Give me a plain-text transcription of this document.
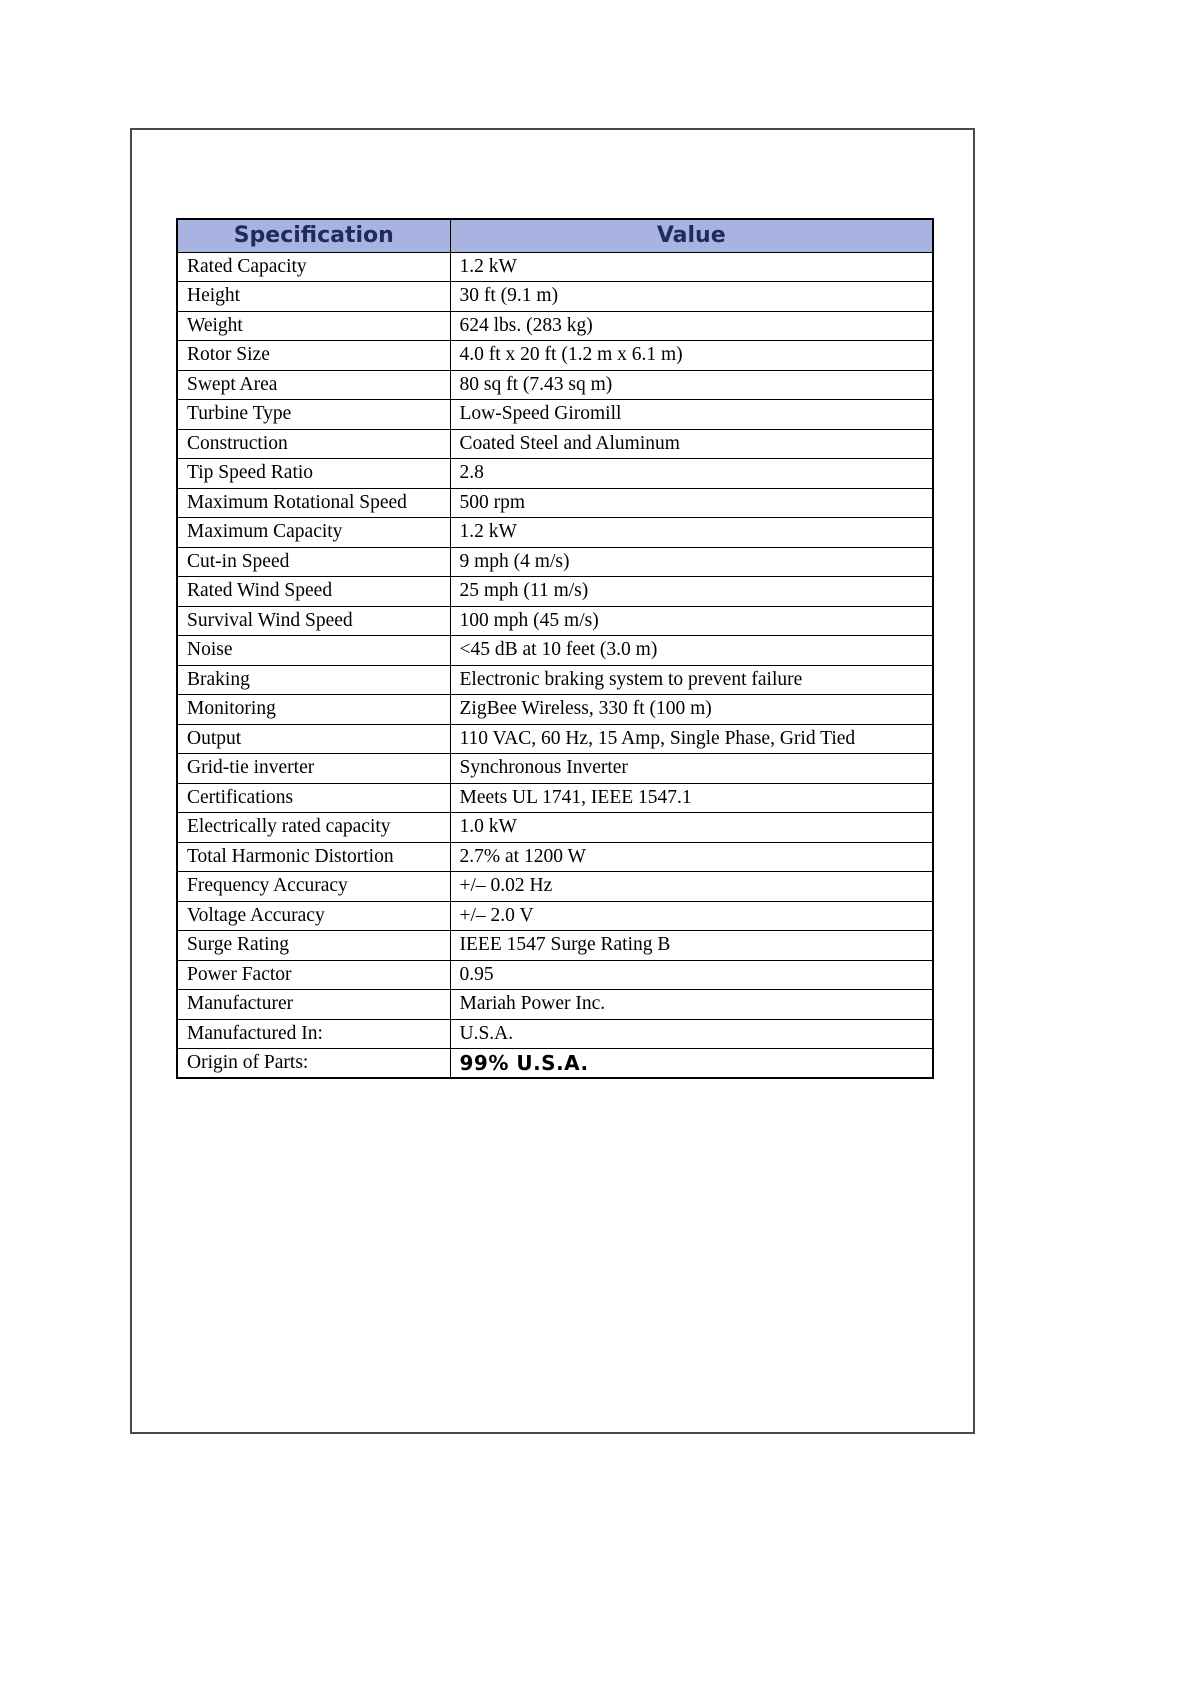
Specification	Value
Rated Capacity	1.2 kW
Height	30 ft (9.1 m)
Weight	624 lbs. (283 kg)
Rotor Size	4.0 ft x 20 ft (1.2 m x 6.1 m)
Swept Area	80 sq ft (7.43 sq m)
Turbine Type	Low-Speed Giromill
Construction	Coated Steel and Aluminum
Tip Speed Ratio	2.8
Maximum Rotational Speed	500 rpm
Maximum Capacity	1.2 kW
Cut-in Speed	9 mph (4 m/s)
Rated Wind Speed	25 mph (11 m/s)
Survival Wind Speed	100 mph (45 m/s)
Noise	<45 dB at 10 feet (3.0 m)
Braking	Electronic braking system to prevent failure
Monitoring	ZigBee Wireless, 330 ft (100 m)
Output	110 VAC, 60 Hz, 15 Amp, Single Phase, Grid Tied
Grid-tie inverter	Synchronous Inverter
Certifications	Meets UL 1741, IEEE 1547.1
Electrically rated capacity	1.0 kW
Total Harmonic Distortion	2.7% at 1200 W
Frequency Accuracy	+/– 0.02 Hz
Voltage Accuracy	+/– 2.0 V
Surge Rating	IEEE 1547 Surge Rating B
Power Factor	0.95
Manufacturer	Mariah Power Inc.
Manufactured In:	U.S.A.
Origin of Parts:	99% U.S.A.
